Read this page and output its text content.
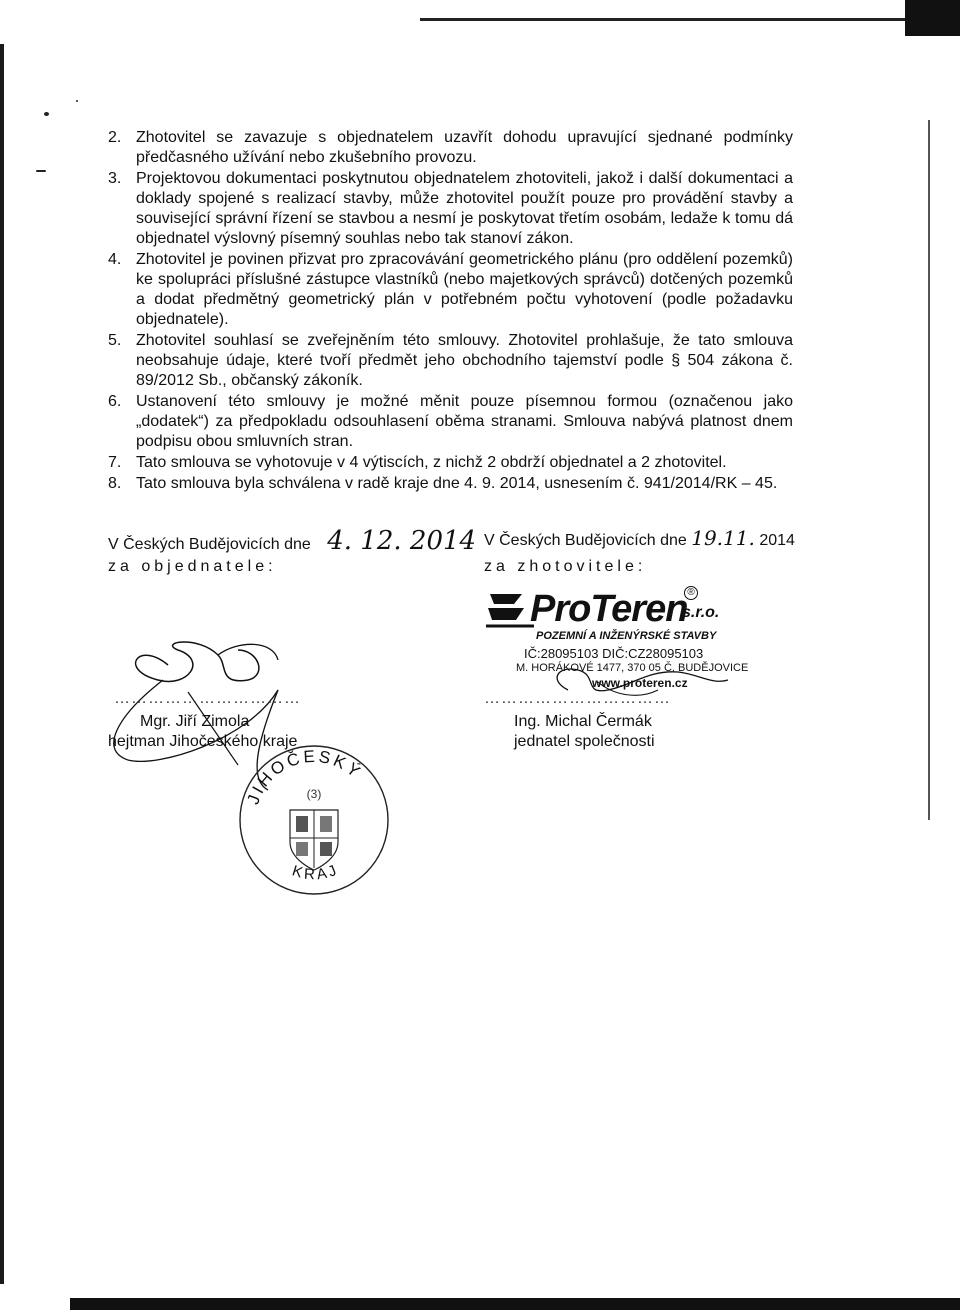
2. Zhotovitel se zavazuje s objednatelem uzavřít dohodu upravující sjednané podmínky předčasného užívání nebo zkušebního provozu.
3. Projektovou dokumentaci poskytnutou objednatelem zhotoviteli, jakož i další dokumentaci a doklady spojené s realizací stavby, může zhotovitel použít pouze pro provádění stavby a související správní řízení se stavbou a nesmí je poskytovat třetím osobám, ledaže k tomu dá objednatel výslovný písemný souhlas nebo tak stanoví zákon.
4. Zhotovitel je povinen přizvat pro zpracovávání geometrického plánu (pro oddělení pozemků) ke spolupráci příslušné zástupce vlastníků (nebo majetkových správců) dotčených pozemků a dodat předmětný geometrický plán v potřebném počtu vyhotovení (podle požadavku objednatele).
5. Zhotovitel souhlasí se zveřejněním této smlouvy. Zhotovitel prohlašuje, že tato smlouva neobsahuje údaje, které tvoří předmět jeho obchodního tajemství podle § 504 zákona č. 89/2012 Sb., občanský zákoník.
6. Ustanovení této smlouvy je možné měnit pouze písemnou formou (označenou jako „dodatek“) za předpokladu odsouhlasení oběma stranami. Smlouva nabývá platnost dnem podpisu obou smluvních stran.
7. Tato smlouva se vyhotovuje v 4 výtiscích, z nichž 2 obdrží objednatel a 2 zhotovitel.
8. Tato smlouva byla schválena v radě kraje dne 4. 9. 2014, usnesením č. 941/2014/RK – 45.
V Českých Budějovicích dne 4. 12. 2014
za objednatele:
……………………………
Mgr. Jiří Zimola
hejtman Jihočeského kraje
V Českých Budějovicích dne 19.11. 2014
za zhotovitele:
ProTeren
s.r.o.
®
POZEMNÍ A INŽENÝRSKÉ STAVBY
IČ:28095103 DIČ:CZ28095103
M. HORÁKOVÉ 1477, 370 05 Č. BUDĚJOVICE
www.proteren.cz
……………………………
Ing. Michal Čermák
jednatel společnosti
JIHOČESKÝ
KRAJ
(3)
